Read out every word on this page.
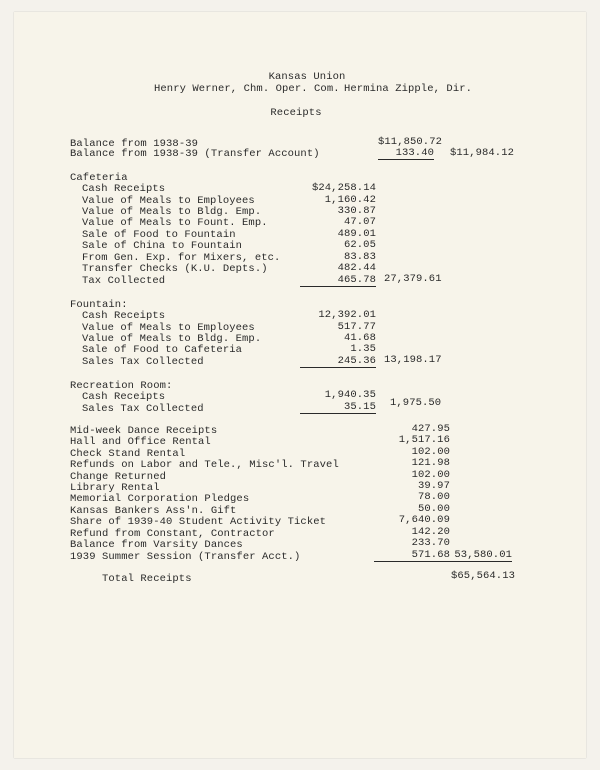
Kansas Union
Henry Werner, Chm. Oper. Com. Hermina Zipple, Dir.
Receipts
Balance from 1938-39	$11,850.72
Balance from 1938-39 (Transfer Account)	133.40 $11,984.12
Cafeteria
Cash Receipts	$24,258.14
Value of Meals to Employees	1,160.42
Value of Meals to Bldg. Emp.	330.87
Value of Meals to Fount. Emp.	47.07
Sale of Food to Fountain	489.01
Sale of China to Fountain	62.05
From Gen. Exp. for Mixers, etc.	83.83
Transfer Checks (K.U. Depts.)	482.44
Tax Collected	465.78 27,379.61
Fountain:
Cash Receipts	12,392.01
Value of Meals to Employees	517.77
Value of Meals to Bldg. Emp.	41.68
Sale of Food to Cafeteria	1.35
Sales Tax Collected	245.36 13,198.17
Recreation Room:
Cash Receipts	1,940.35
Sales Tax Collected	35.15 1,975.50
Mid-week Dance Receipts	427.95
Hall and Office Rental	1,517.16
Check Stand Rental	102.00
Refunds on Labor and Tele., Misc'l. Travel	121.98
Change Returned	102.00
Library Rental	39.97
Memorial Corporation Pledges	78.00
Kansas Bankers Ass'n. Gift	50.00
Share of 1939-40 Student Activity Ticket	7,640.09
Refund from Constant, Contractor	142.20
Balance from Varsity Dances	233.70
1939 Summer Session (Transfer Acct.)	571.68 53,580.01
Total Receipts	$65,564.13
